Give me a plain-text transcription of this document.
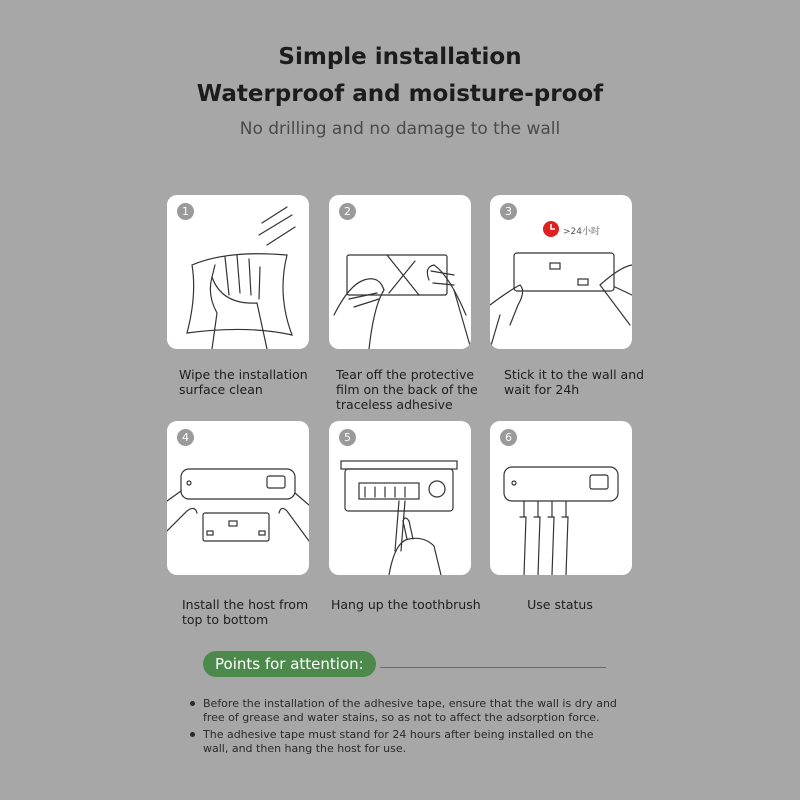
Simple installation
Waterproof and moisture-proof
No drilling and no damage to the wall
1
Wipe the installation
surface clean
2
Tear off the protective
film on the back of the
traceless adhesive
>24小时
3
Stick it to the wall and
wait for 24h
4
Install the host from
top to bottom
5
Hang up the toothbrush
6
Use status
Points for attention:
Before the installation of the adhesive tape, ensure that the wall is dry and free of grease and water stains, so as not to affect the adsorption force.
The adhesive tape must stand for 24 hours after being installed on the wall, and then hang the host for use.
